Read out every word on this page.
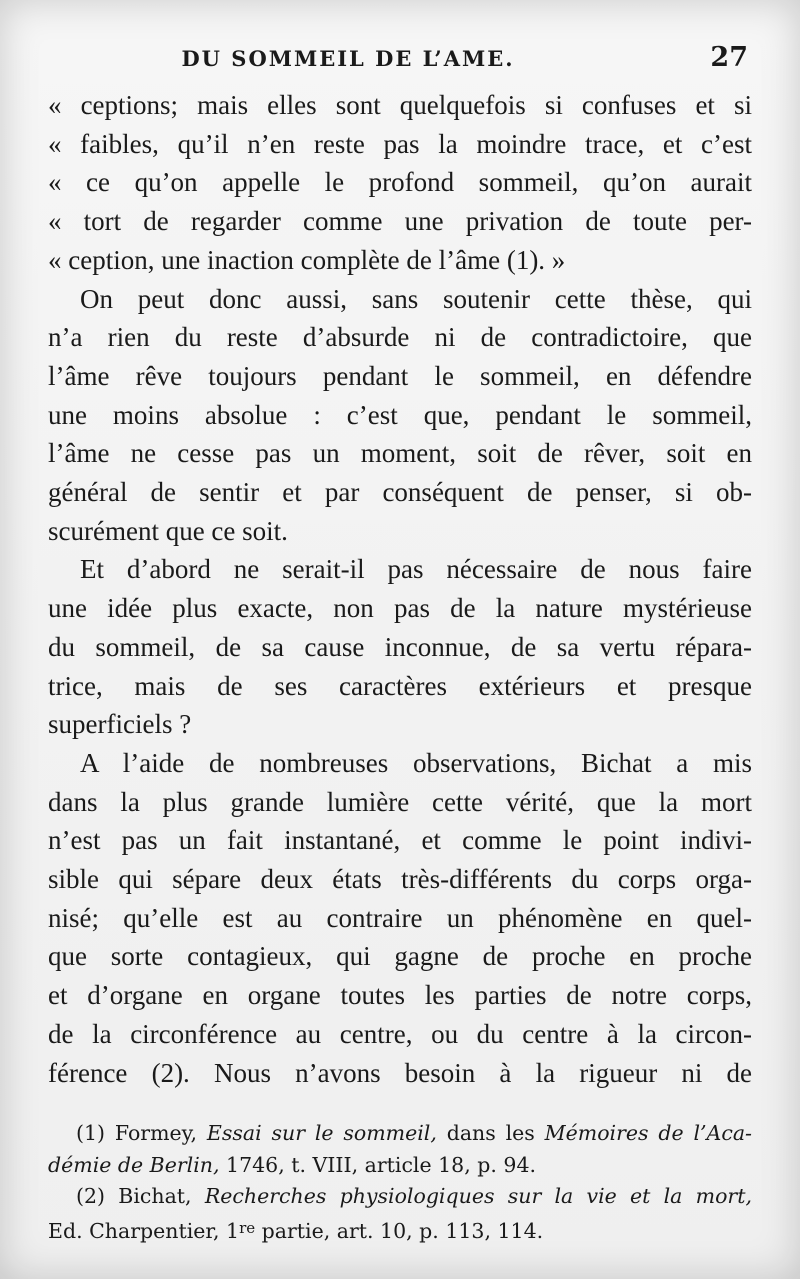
DU SOMMEIL DE L’AME.	27
« ceptions; mais elles sont quelquefois si confuses et si
« faibles, qu’il n’en reste pas la moindre trace, et c’est
« ce qu’on appelle le profond sommeil, qu’on aurait
« tort de regarder comme une privation de toute per-
« ception, une inaction complète de l’âme (1). »
On peut donc aussi, sans soutenir cette thèse, qui
n’a rien du reste d’absurde ni de contradictoire, que
l’âme rêve toujours pendant le sommeil, en défendre
une moins absolue : c’est que, pendant le sommeil,
l’âme ne cesse pas un moment, soit de rêver, soit en
général de sentir et par conséquent de penser, si ob-
scurément que ce soit.
Et d’abord ne serait-il pas nécessaire de nous faire
une idée plus exacte, non pas de la nature mystérieuse
du sommeil, de sa cause inconnue, de sa vertu répara-
trice, mais de ses caractères extérieurs et presque
superficiels ?
A l’aide de nombreuses observations, Bichat a mis
dans la plus grande lumière cette vérité, que la mort
n’est pas un fait instantané, et comme le point indivi-
sible qui sépare deux états très-différents du corps orga-
nisé; qu’elle est au contraire un phénomène en quel-
que sorte contagieux, qui gagne de proche en proche
et d’organe en organe toutes les parties de notre corps,
de la circonférence au centre, ou du centre à la circon-
férence (2). Nous n’avons besoin à la rigueur ni de
(1) Formey, Essai sur le sommeil, dans les Mémoires de l’Aca-
démie de Berlin, 1746, t. VIII, article 18, p. 94.
(2) Bichat, Recherches physiologiques sur la vie et la mort,
Ed. Charpentier, 1re partie, art. 10, p. 113, 114.
